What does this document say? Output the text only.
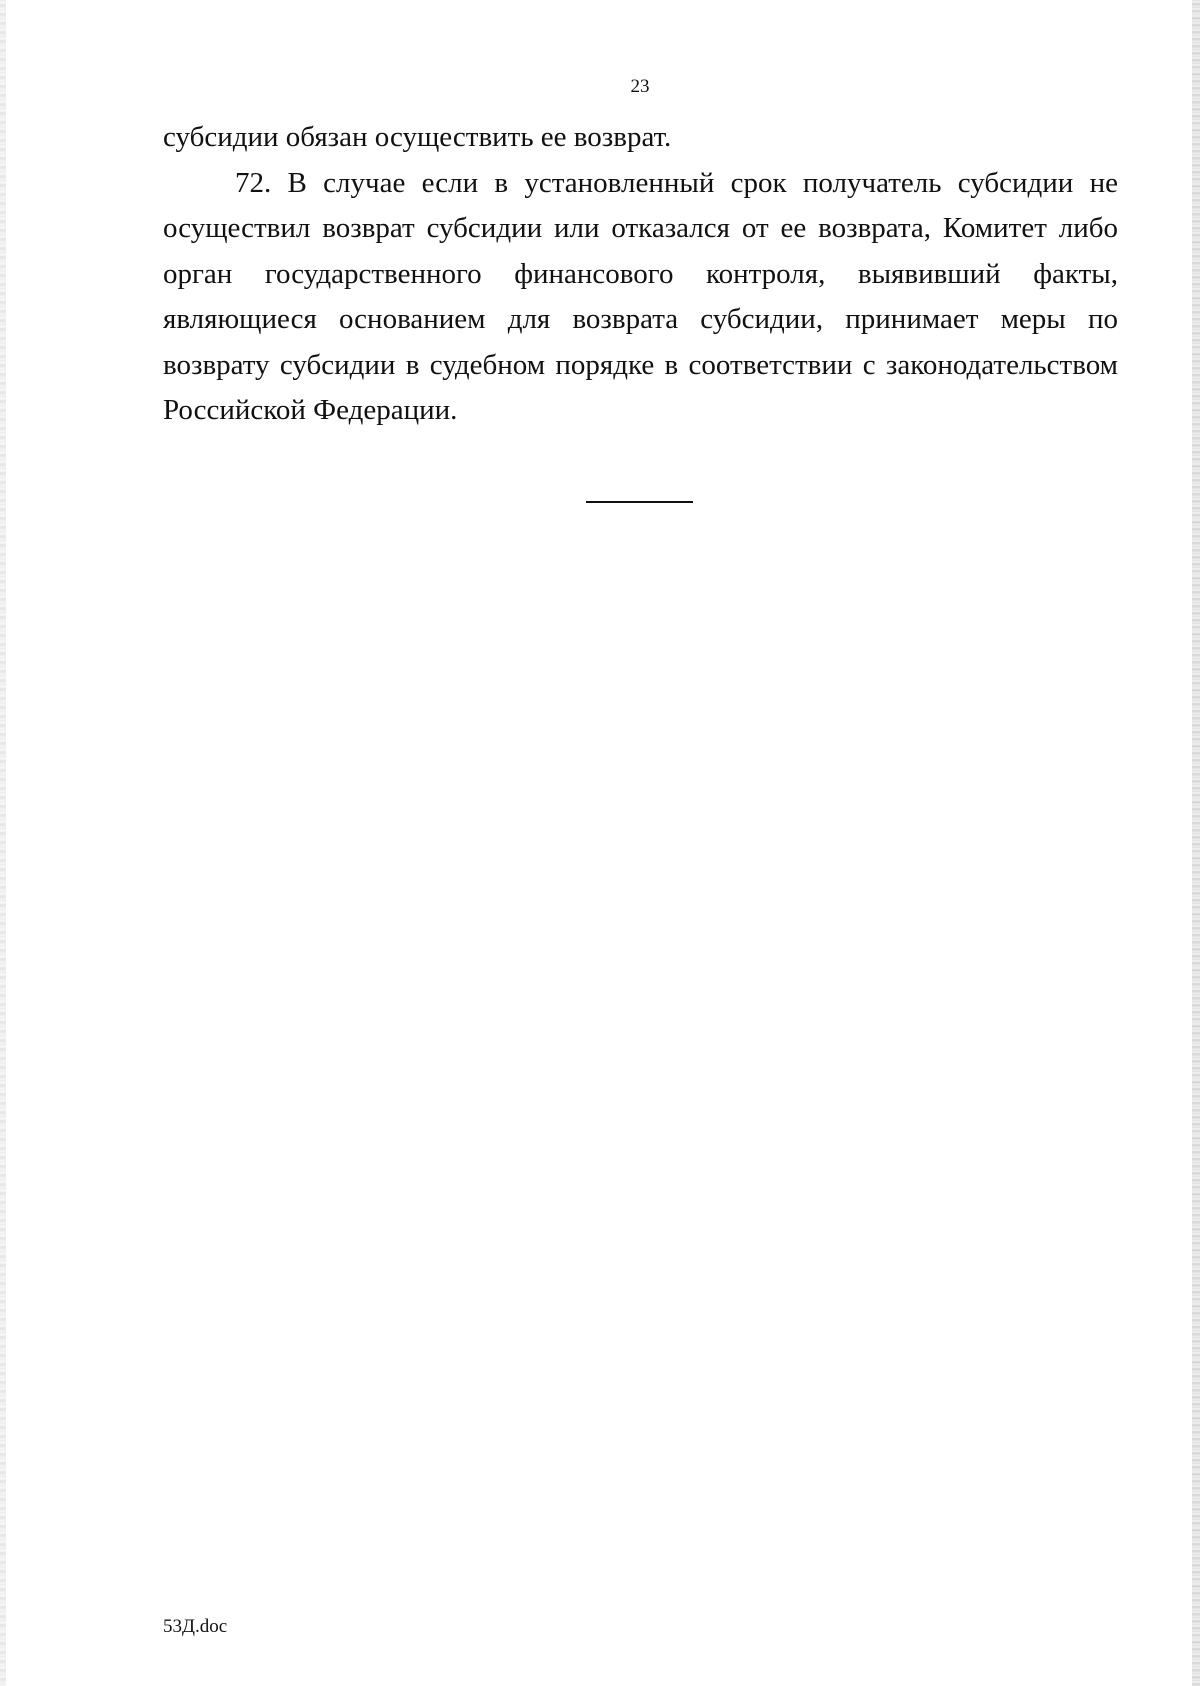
23

субсидии обязан осуществить ее возврат.

72. В случае если в установленный срок получатель субсидии не осуществил возврат субсидии или отказался от ее возврата, Комитет либо орган государственного финансового контроля, выявивший факты, являющиеся основанием для возврата субсидии, принимает меры по возврату субсидии в судебном порядке в соответствии с законодательством Российской Федерации.

53Д.doc
